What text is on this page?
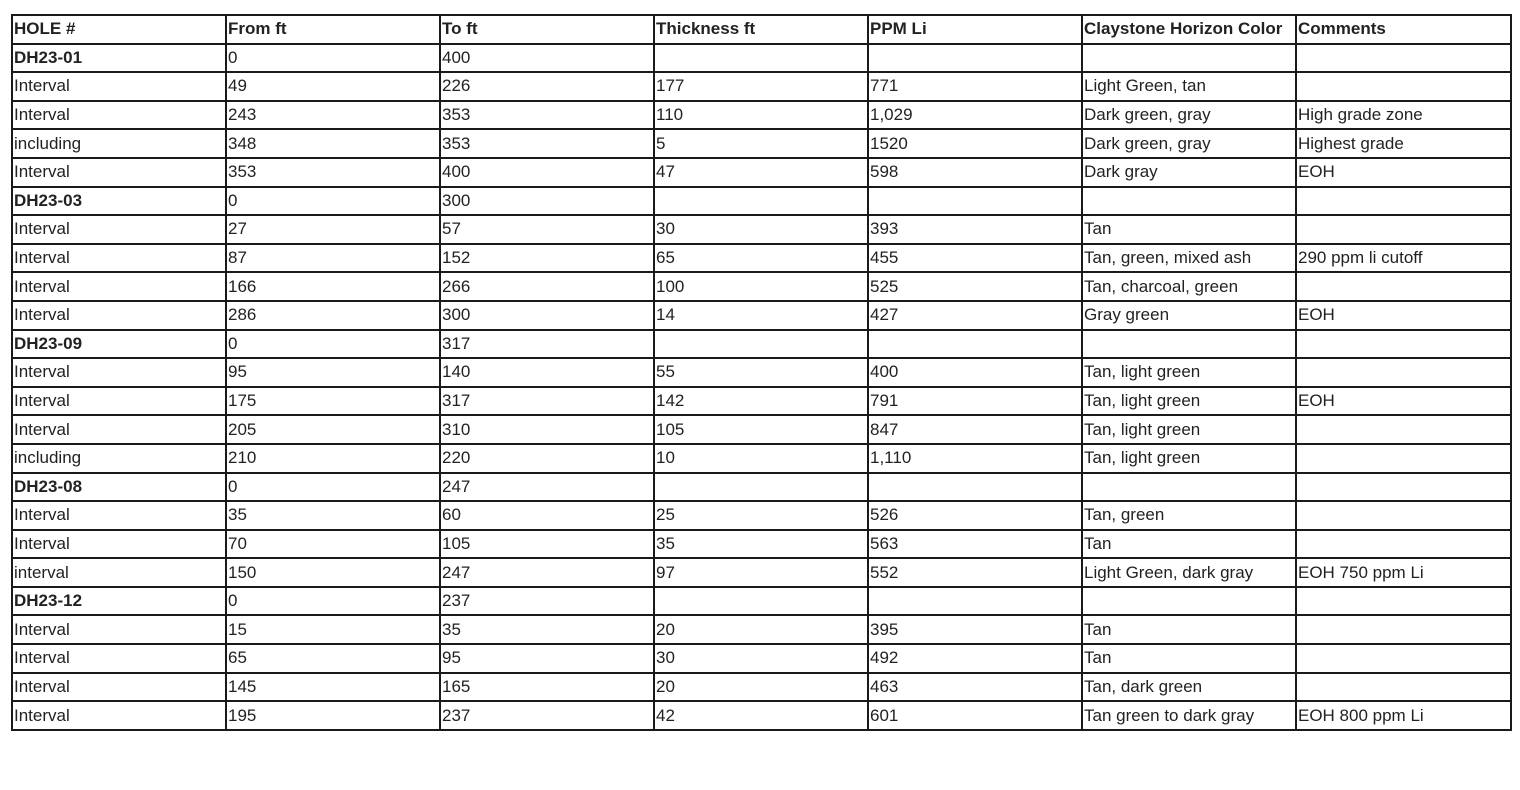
HOLE #	From ft	To ft	Thickness ft	PPM Li	Claystone Horizon Color	Comments
DH23-01	0	400				
Interval	49	226	177	771	Light Green, tan	
Interval	243	353	110	1,029	Dark green, gray	High grade zone
including	348	353	5	1520	Dark green, gray	Highest grade
Interval	353	400	47	598	Dark gray	EOH
DH23-03	0	300				
Interval	27	57	30	393	Tan	
Interval	87	152	65	455	Tan, green, mixed ash	290 ppm li cutoff
Interval	166	266	100	525	Tan, charcoal, green	
Interval	286	300	14	427	Gray green	EOH
DH23-09	0	317				
Interval	95	140	55	400	Tan, light green	
Interval	175	317	142	791	Tan, light green	EOH
Interval	205	310	105	847	Tan, light green	
including	210	220	10	1,110	Tan, light green	
DH23-08	0	247				
Interval	35	60	25	526	Tan, green	
Interval	70	105	35	563	Tan	
interval	150	247	97	552	Light Green, dark gray	EOH 750 ppm Li
DH23-12	0	237				
Interval	15	35	20	395	Tan	
Interval	65	95	30	492	Tan	
Interval	145	165	20	463	Tan, dark green	
Interval	195	237	42	601	Tan green to dark gray	EOH 800 ppm Li
